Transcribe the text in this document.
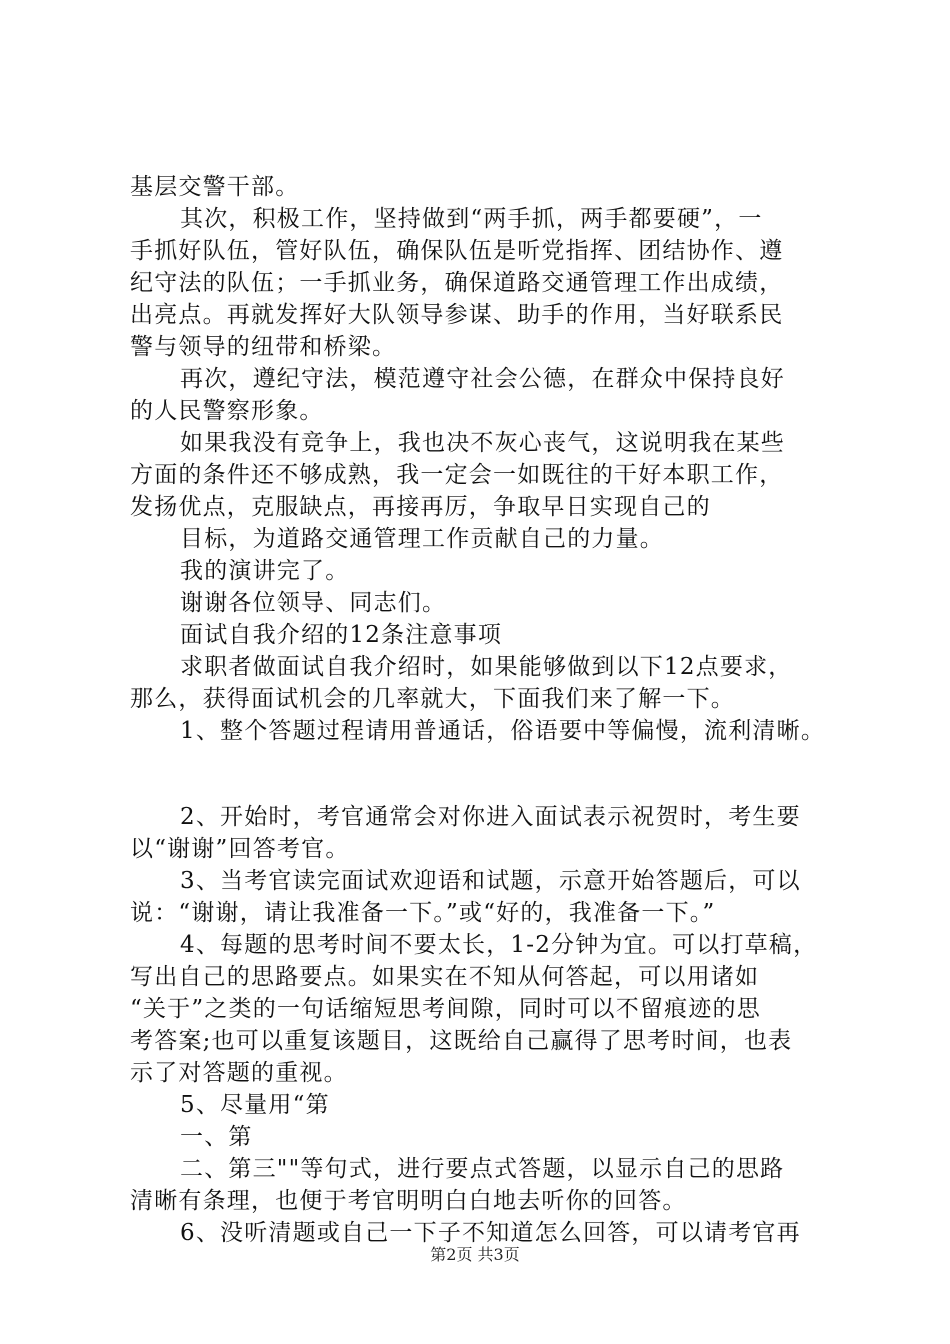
基层交警干部。
其次，积极工作，坚持做到“两手抓，两手都要硬”，一
手抓好队伍，管好队伍，确保队伍是听党指挥、团结协作、遵
纪守法的队伍；一手抓业务，确保道路交通管理工作出成绩，
出亮点。再就发挥好大队领导参谋、助手的作用，当好联系民
警与领导的纽带和桥梁。
再次，遵纪守法，模范遵守社会公德，在群众中保持良好
的人民警察形象。
如果我没有竞争上，我也决不灰心丧气，这说明我在某些
方面的条件还不够成熟，我一定会一如既往的干好本职工作，
发扬优点，克服缺点，再接再厉，争取早日实现自己的
目标，为道路交通管理工作贡献自己的力量。
我的演讲完了。
谢谢各位领导、同志们。
面试自我介绍的12条注意事项
求职者做面试自我介绍时，如果能够做到以下12点要求，
那么，获得面试机会的几率就大，下面我们来了解一下。
1、整个答题过程请用普通话，俗语要中等偏慢，流利清晰。
2、开始时，考官通常会对你进入面试表示祝贺时，考生要
以“谢谢”回答考官。
3、当考官读完面试欢迎语和试题，示意开始答题后，可以
说：“谢谢，请让我准备一下。”或“好的，我准备一下。”
4、每题的思考时间不要太长，1-2分钟为宜。可以打草稿，
写出自己的思路要点。如果实在不知从何答起，可以用诸如
“关于”之类的一句话缩短思考间隙，同时可以不留痕迹的思
考答案;也可以重复该题目，这既给自己赢得了思考时间，也表
示了对答题的重视。
5、尽量用“第
一、第
二、第三""等句式，进行要点式答题，以显示自己的思路
清晰有条理，也便于考官明明白白地去听你的回答。
6、没听清题或自己一下子不知道怎么回答，可以请考官再
第2页 共3页
